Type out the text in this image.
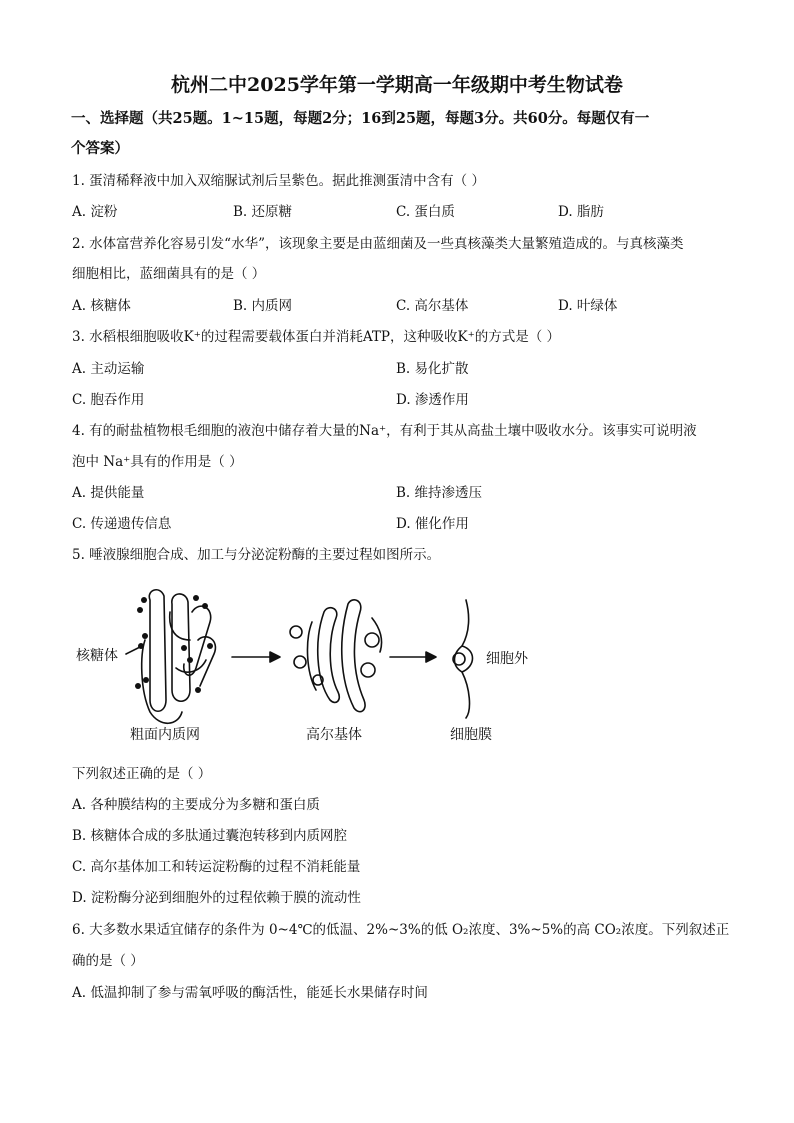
杭州二中2025学年第一学期高一年级期中考生物试卷
一、选择题（共25题。1~15题，每题2分；16到25题，每题3分。共60分。每题仅有一
个答案）
1. 蛋清稀释液中加入双缩脲试剂后呈紫色。据此推测蛋清中含有（ ）
A. 淀粉	B. 还原糖	C. 蛋白质	D. 脂肪
2. 水体富营养化容易引发“水华”，该现象主要是由蓝细菌及一些真核藻类大量繁殖造成的。与真核藻类
细胞相比，蓝细菌具有的是（ ）
A. 核糖体	B. 内质网	C. 高尔基体	D. 叶绿体
3. 水稻根细胞吸收K⁺的过程需要载体蛋白并消耗ATP，这种吸收K⁺的方式是（ ）
A. 主动运输	B. 易化扩散
C. 胞吞作用	D. 渗透作用
4. 有的耐盐植物根毛细胞的液泡中储存着大量的Na⁺，有利于其从高盐土壤中吸收水分。该事实可说明液
泡中 Na⁺具有的作用是（ ）
A. 提供能量	B. 维持渗透压
C. 传递遗传信息	D. 催化作用
5. 唾液腺细胞合成、加工与分泌淀粉酶的主要过程如图所示。
核糖体
粗面内质网	高尔基体
细胞外
细胞膜
下列叙述正确的是（ ）
A. 各种膜结构的主要成分为多糖和蛋白质
B. 核糖体合成的多肽通过囊泡转移到内质网腔
C. 高尔基体加工和转运淀粉酶的过程不消耗能量
D. 淀粉酶分泌到细胞外的过程依赖于膜的流动性
6. 大多数水果适宜储存的条件为 0~4℃的低温、2%~3%的低 O₂浓度、3%~5%的高 CO₂浓度。下列叙述正
确的是（ ）
A. 低温抑制了参与需氧呼吸的酶活性，能延长水果储存时间
